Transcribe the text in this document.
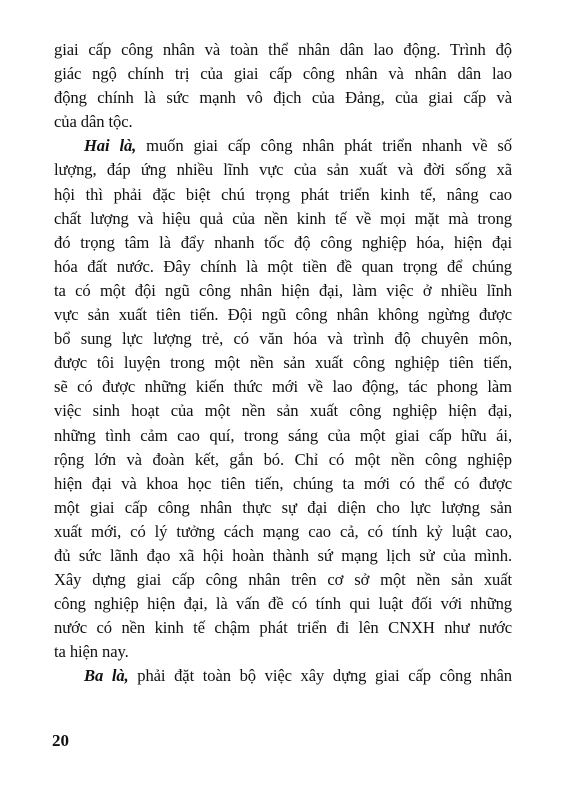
giai cấp công nhân và toàn thể nhân dân lao động. Trình độ
giác ngộ chính trị của giai cấp công nhân và nhân dân lao
động chính là sức mạnh vô địch của Đảng, của giai cấp và
của dân tộc.
Hai là, muốn giai cấp công nhân phát triển nhanh về số
lượng, đáp ứng nhiều lĩnh vực của sản xuất và đời sống xã
hội thì phải đặc biệt chú trọng phát triển kinh tế, nâng cao
chất lượng và hiệu quả của nền kinh tế về mọi mặt mà trong
đó trọng tâm là đẩy nhanh tốc độ công nghiệp hóa, hiện đại
hóa đất nước. Đây chính là một tiền đề quan trọng để chúng
ta có một đội ngũ công nhân hiện đại, làm việc ở nhiều lĩnh
vực sản xuất tiên tiến. Đội ngũ công nhân không ngừng được
bổ sung lực lượng trẻ, có văn hóa và trình độ chuyên môn,
được tôi luyện trong một nền sản xuất công nghiệp tiên tiến,
sẽ có được những kiến thức mới về lao động, tác phong làm
việc sinh hoạt của một nền sản xuất công nghiệp hiện đại,
những tình cảm cao quí, trong sáng của một giai cấp hữu ái,
rộng lớn và đoàn kết, gắn bó. Chỉ có một nền công nghiệp
hiện đại và khoa học tiên tiến, chúng ta mới có thể có được
một giai cấp công nhân thực sự đại diện cho lực lượng sản
xuất mới, có lý tưởng cách mạng cao cả, có tính kỷ luật cao,
đủ sức lãnh đạo xã hội hoàn thành sứ mạng lịch sử của mình.
Xây dựng giai cấp công nhân trên cơ sở một nền sản xuất
công nghiệp hiện đại, là vấn đề có tính qui luật đối với những
nước có nền kinh tế chậm phát triển đi lên CNXH như nước
ta hiện nay.
Ba là, phải đặt toàn bộ việc xây dựng giai cấp công nhân
20
